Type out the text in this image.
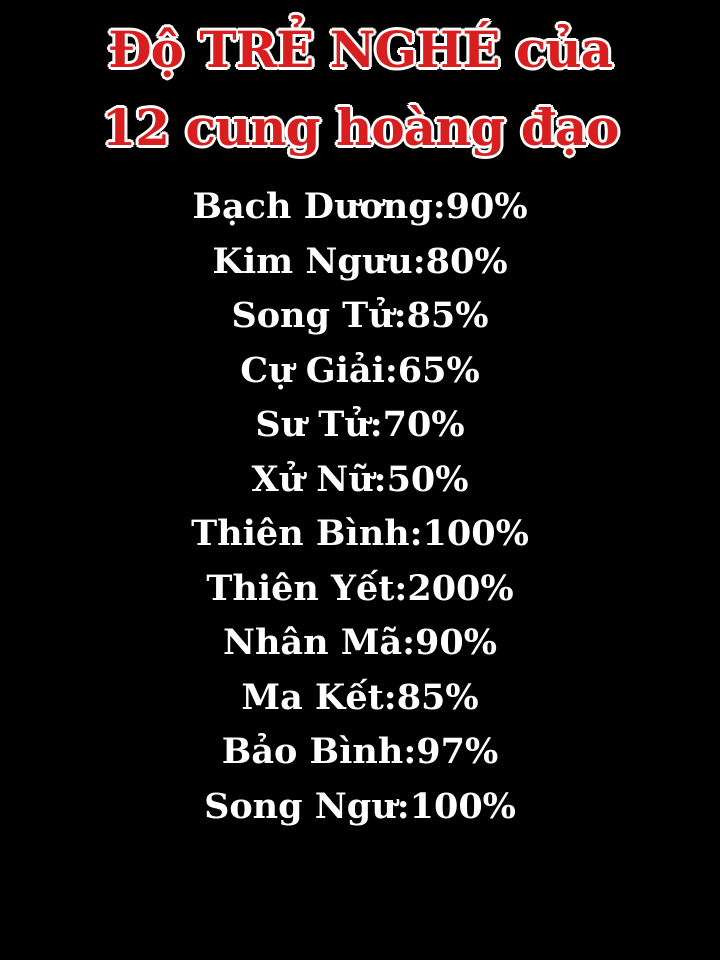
Độ TRẺ NGHÉ của
12 cung hoàng đạo
Bạch Dương:90%
Kim Ngưu:80%
Song Tử:85%
Cự Giải:65%
Sư Tử:70%
Xử Nữ:50%
Thiên Bình:100%
Thiên Yết:200%
Nhân Mã:90%
Ma Kết:85%
Bảo Bình:97%
Song Ngư:100%
